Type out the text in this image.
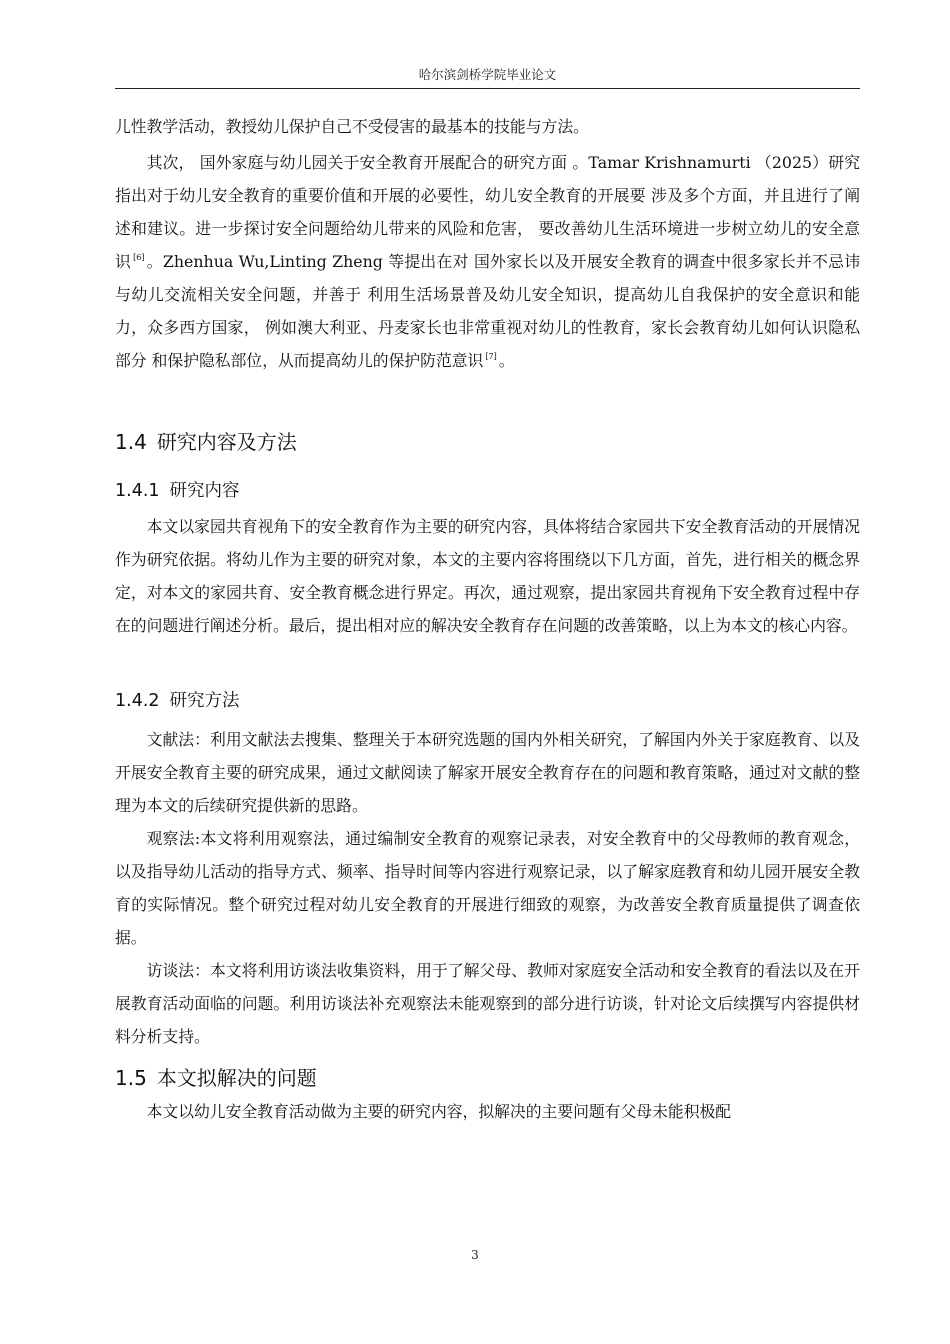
哈尔滨剑桥学院毕业论文

儿性教学活动，教授幼儿保护自己不受侵害的最基本的技能与方法。

其次， 国外家庭与幼儿园关于安全教育开展配合的研究方面 。Tamar Krishnamurti （2025）研究指出对于幼儿安全教育的重要价值和开展的必要性，幼儿安全教育的开展要 涉及多个方面，并且进行了阐述和建议。进一步探讨安全问题给幼儿带来的风险和危害， 要改善幼儿生活环境进一步树立幼儿的安全意识 [6] 。Zhenhua Wu,Linting Zheng 等提出在对 国外家长以及开展安全教育的调查中很多家长并不忌讳与幼儿交流相关安全问题，并善于 利用生活场景普及幼儿安全知识，提高幼儿自我保护的安全意识和能力，众多西方国家， 例如澳大利亚、丹麦家长也非常重视对幼儿的性教育，家长会教育幼儿如何认识隐私部分 和保护隐私部位，从而提高幼儿的保护防范意识 [7] 。

1.4 研究内容及方法
1.4.1 研究内容

本文以家园共育视角下的安全教育作为主要的研究内容，具体将结合家园共下安全教育活动的开展情况作为研究依据。将幼儿作为主要的研究对象，本文的主要内容将围绕以下几方面，首先，进行相关的概念界定，对本文的家园共育、安全教育概念进行界定。再次，通过观察，提出家园共育视角下安全教育过程中存在的问题进行阐述分析。最后，提出相对应的解决安全教育存在问题的改善策略，以上为本文的核心内容。

1.4.2 研究方法

文献法：利用文献法去搜集、整理关于本研究选题的国内外相关研究，了解国内外关于家庭教育、以及开展安全教育主要的研究成果，通过文献阅读了解家开展安全教育存在的问题和教育策略，通过对文献的整理为本文的后续研究提供新的思路。

观察法:本文将利用观察法，通过编制安全教育的观察记录表，对安全教育中的父母教师的教育观念，以及指导幼儿活动的指导方式、频率、指导时间等内容进行观察记录，以了解家庭教育和幼儿园开展安全教育的实际情况。整个研究过程对幼儿安全教育的开展进行细致的观察，为改善安全教育质量提供了调查依据。

访谈法：本文将利用访谈法收集资料，用于了解父母、教师对家庭安全活动和安全教育的看法以及在开展教育活动面临的问题。利用访谈法补充观察法未能观察到的部分进行访谈，针对论文后续撰写内容提供材料分析支持。

1.5 本文拟解决的问题

本文以幼儿安全教育活动做为主要的研究内容，拟解决的主要问题有父母未能积极配

3
